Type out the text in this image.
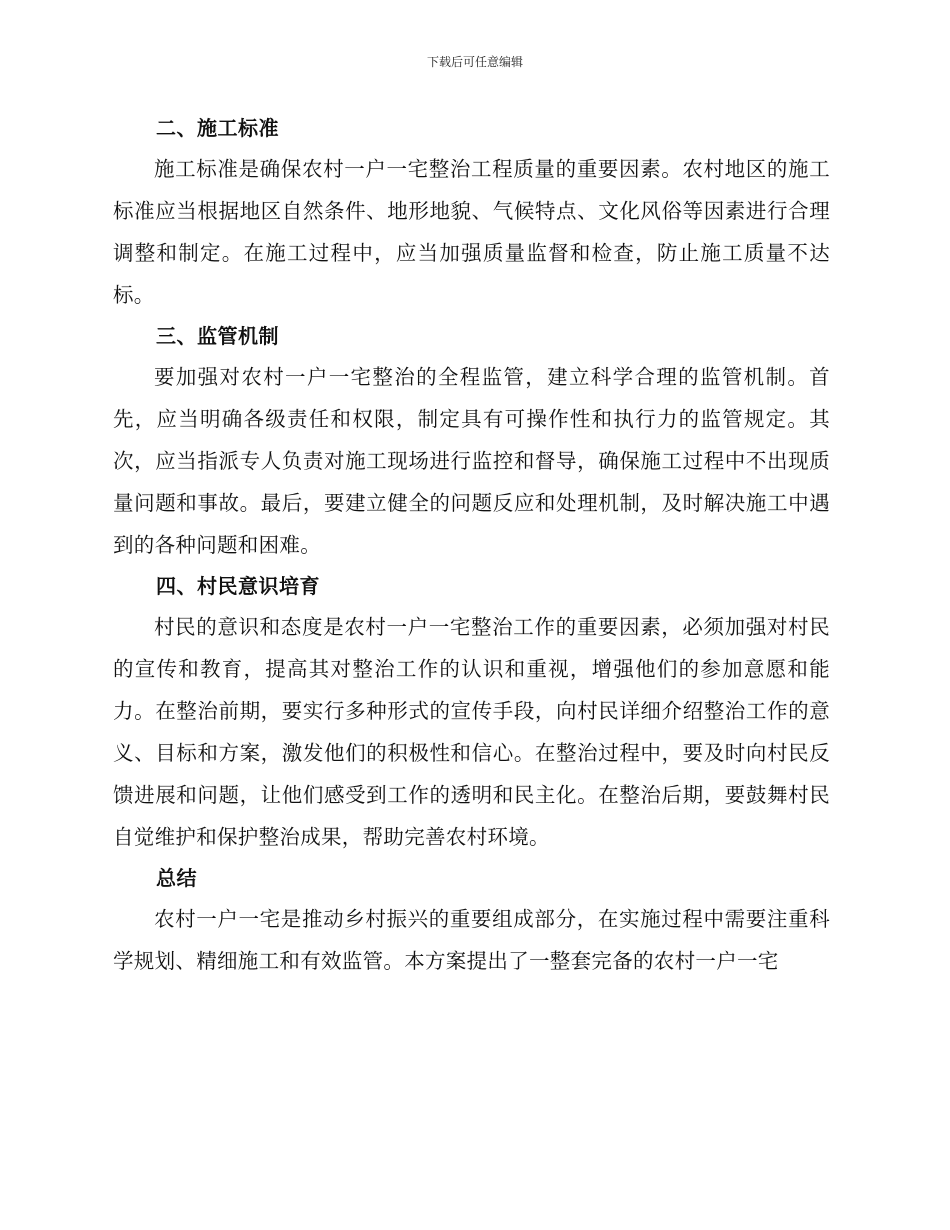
下载后可任意编辑
二、施工标准

施工标准是确保农村一户一宅整治工程质量的重要因素。农村地区的施工标准应当根据地区自然条件、地形地貌、气候特点、文化风俗等因素进行合理调整和制定。在施工过程中，应当加强质量监督和检查，防止施工质量不达标。

三、监管机制

要加强对农村一户一宅整治的全程监管，建立科学合理的监管机制。首先，应当明确各级责任和权限，制定具有可操作性和执行力的监管规定。其次，应当指派专人负责对施工现场进行监控和督导，确保施工过程中不出现质量问题和事故。最后，要建立健全的问题反应和处理机制，及时解决施工中遇到的各种问题和困难。

四、村民意识培育

村民的意识和态度是农村一户一宅整治工作的重要因素，必须加强对村民的宣传和教育，提高其对整治工作的认识和重视，增强他们的参加意愿和能力。在整治前期，要实行多种形式的宣传手段，向村民详细介绍整治工作的意义、目标和方案，激发他们的积极性和信心。在整治过程中，要及时向村民反馈进展和问题，让他们感受到工作的透明和民主化。在整治后期，要鼓舞村民自觉维护和保护整治成果，帮助完善农村环境。

总结

农村一户一宅是推动乡村振兴的重要组成部分，在实施过程中需要注重科学规划、精细施工和有效监管。本方案提出了一整套完备的农村一户一宅
